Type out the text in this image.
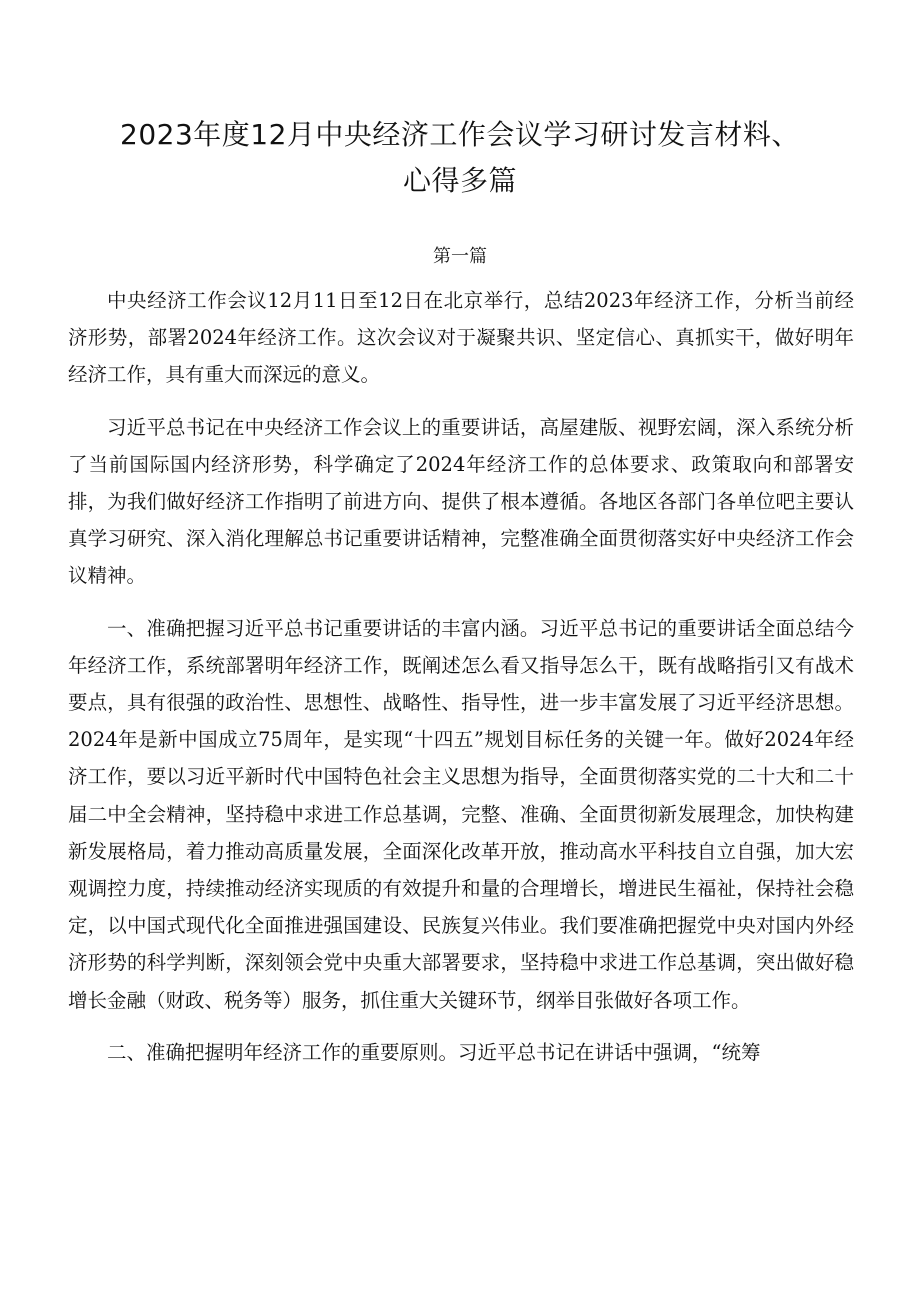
2023年度12月中央经济工作会议学习研讨发言材料、
心得多篇
第一篇

中央经济工作会议12月11日至12日在北京举行，总结2023年经济工作，分析当前经济形势，部署2024年经济工作。这次会议对于凝聚共识、坚定信心、真抓实干，做好明年经济工作，具有重大而深远的意义。

习近平总书记在中央经济工作会议上的重要讲话，高屋建版、视野宏阔，深入系统分析了当前国际国内经济形势，科学确定了2024年经济工作的总体要求、政策取向和部署安排，为我们做好经济工作指明了前进方向、提供了根本遵循。各地区各部门各单位吧主要认真学习研究、深入消化理解总书记重要讲话精神，完整准确全面贯彻落实好中央经济工作会议精神。

一、准确把握习近平总书记重要讲话的丰富内涵。习近平总书记的重要讲话全面总结今年经济工作，系统部署明年经济工作，既阐述怎么看又指导怎么干，既有战略指引又有战术要点，具有很强的政治性、思想性、战略性、指导性，进一步丰富发展了习近平经济思想。2024年是新中国成立75周年，是实现“十四五”规划目标任务的关键一年。做好2024年经济工作，要以习近平新时代中国特色社会主义思想为指导，全面贯彻落实党的二十大和二十届二中全会精神，坚持稳中求进工作总基调，完整、准确、全面贯彻新发展理念，加快构建新发展格局，着力推动高质量发展，全面深化改革开放，推动高水平科技自立自强，加大宏观调控力度，持续推动经济实现质的有效提升和量的合理增长，增进民生福祉，保持社会稳定，以中国式现代化全面推进强国建设、民族复兴伟业。我们要准确把握党中央对国内外经济形势的科学判断，深刻领会党中央重大部署要求，坚持稳中求进工作总基调，突出做好稳增长金融（财政、税务等）服务，抓住重大关键环节，纲举目张做好各项工作。

二、准确把握明年经济工作的重要原则。习近平总书记在讲话中强调，“统筹
